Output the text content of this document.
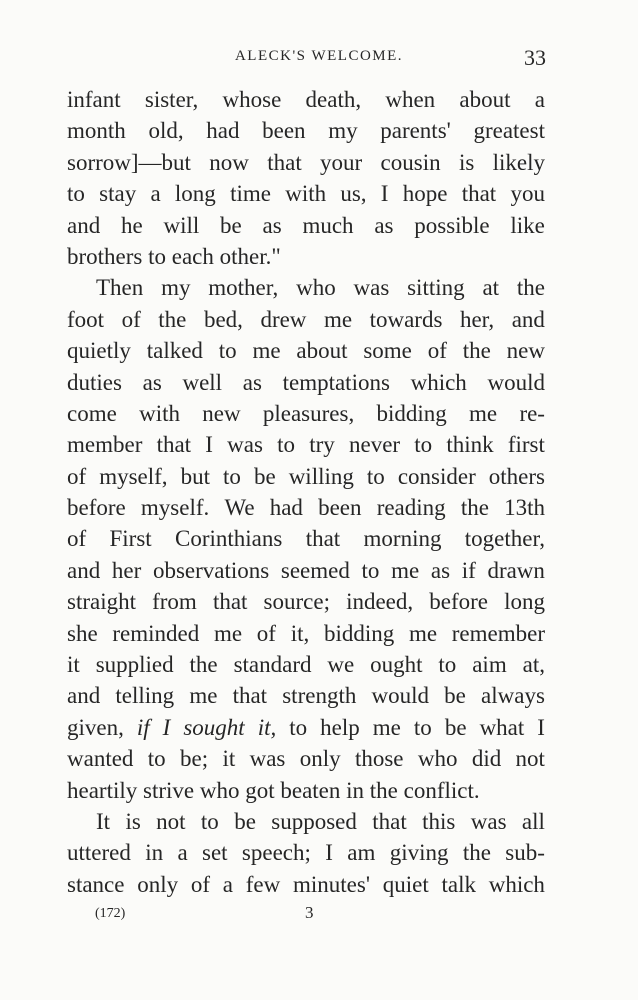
ALECK'S WELCOME.	33
infant sister, whose death, when about a
month old, had been my parents' greatest
sorrow]—but now that your cousin is likely
to stay a long time with us, I hope that you
and he will be as much as possible like
brothers to each other."
Then my mother, who was sitting at the
foot of the bed, drew me towards her, and
quietly talked to me about some of the new
duties as well as temptations which would
come with new pleasures, bidding me re-
member that I was to try never to think first
of myself, but to be willing to consider others
before myself. We had been reading the 13th
of First Corinthians that morning together,
and her observations seemed to me as if drawn
straight from that source; indeed, before long
she reminded me of it, bidding me remember
it supplied the standard we ought to aim at,
and telling me that strength would be always
given, if I sought it, to help me to be what I
wanted to be; it was only those who did not
heartily strive who got beaten in the conflict.
It is not to be supposed that this was all
uttered in a set speech; I am giving the sub-
stance only of a few minutes' quiet talk which
(172)	3
